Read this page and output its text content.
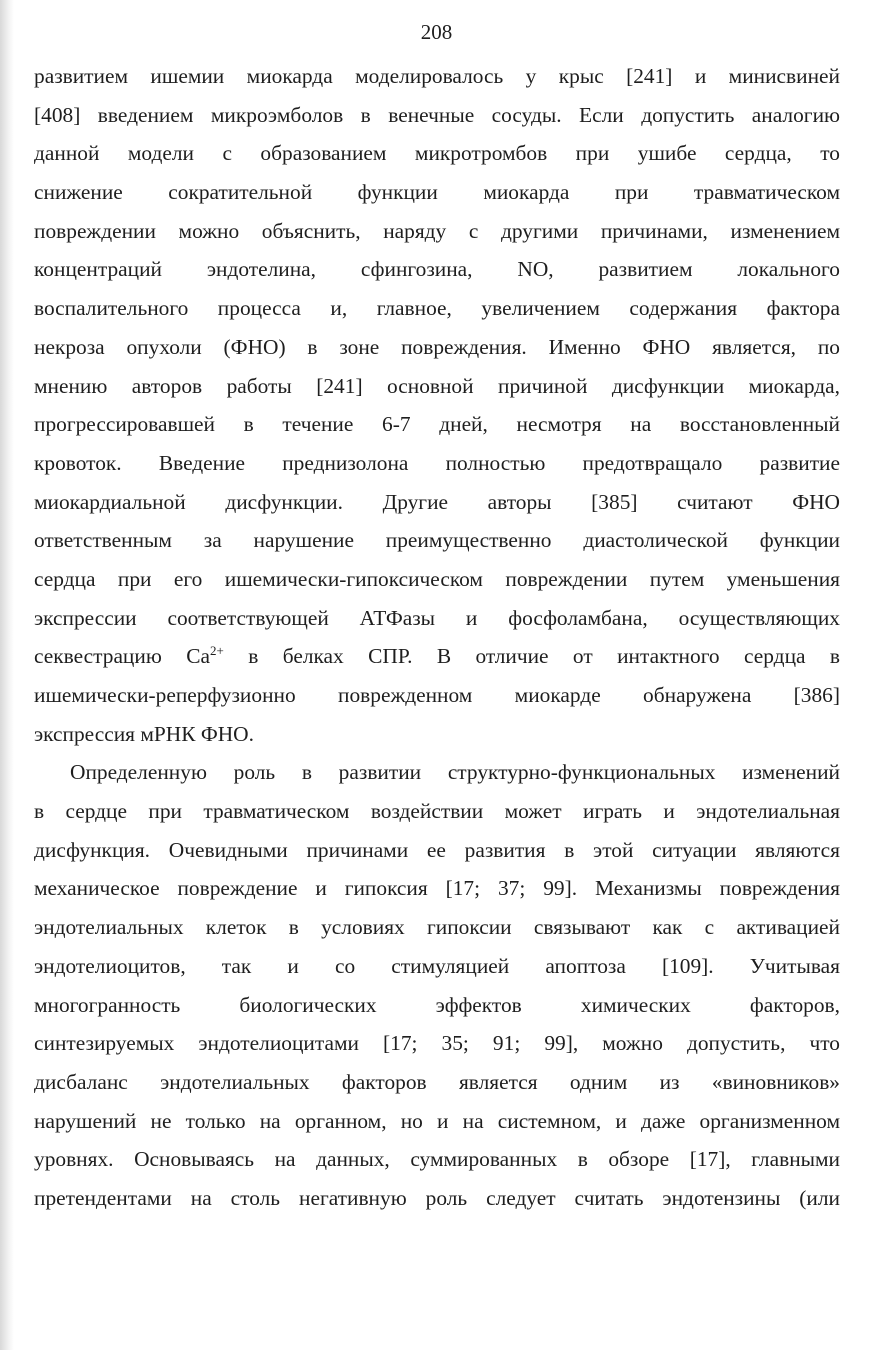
208
развитием ишемии миокарда моделировалось у крыс [241] и минисвиней
[408] введением микроэмболов в венечные сосуды. Если допустить аналогию
данной модели с образованием микротромбов при ушибе сердца, то
снижение сократительной функции миокарда при травматическом
повреждении можно объяснить, наряду с другими причинами, изменением
концентраций эндотелина, сфингозина, NO, развитием локального
воспалительного процесса и, главное, увеличением содержания фактора
некроза опухоли (ФНО) в зоне повреждения. Именно ФНО является, по
мнению авторов работы [241] основной причиной дисфункции миокарда,
прогрессировавшей в течение 6-7 дней, несмотря на восстановленный
кровоток. Введение преднизолона полностью предотвращало развитие
миокардиальной дисфункции. Другие авторы [385] считают ФНО
ответственным за нарушение преимущественно диастолической функции
сердца при его ишемически-гипоксическом повреждении путем уменьшения
экспрессии соответствующей АТФазы и фосфоламбана, осуществляющих
секвестрацию $Ca^{2+}$ в белках СПР. В отличие от интактного сердца в
ишемически-реперфузионно поврежденном миокарде обнаружена [386]
экспрессия мРНК ФНО.
Определенную роль в развитии структурно-функциональных изменений
в сердце при травматическом воздействии может играть и эндотелиальная
дисфункция. Очевидными причинами ее развития в этой ситуации являются
механическое повреждение и гипоксия [17; 37; 99]. Механизмы повреждения
эндотелиальных клеток в условиях гипоксии связывают как с активацией
эндотелиоцитов, так и со стимуляцией апоптоза [109]. Учитывая
многогранность биологических эффектов химических факторов,
синтезируемых эндотелиоцитами [17; 35; 91; 99], можно допустить, что
дисбаланс эндотелиальных факторов является одним из «виновников»
нарушений не только на органном, но и на системном, и даже организменном
уровнях. Основываясь на данных, суммированных в обзоре [17], главными
претендентами на столь негативную роль следует считать эндотензины (или
